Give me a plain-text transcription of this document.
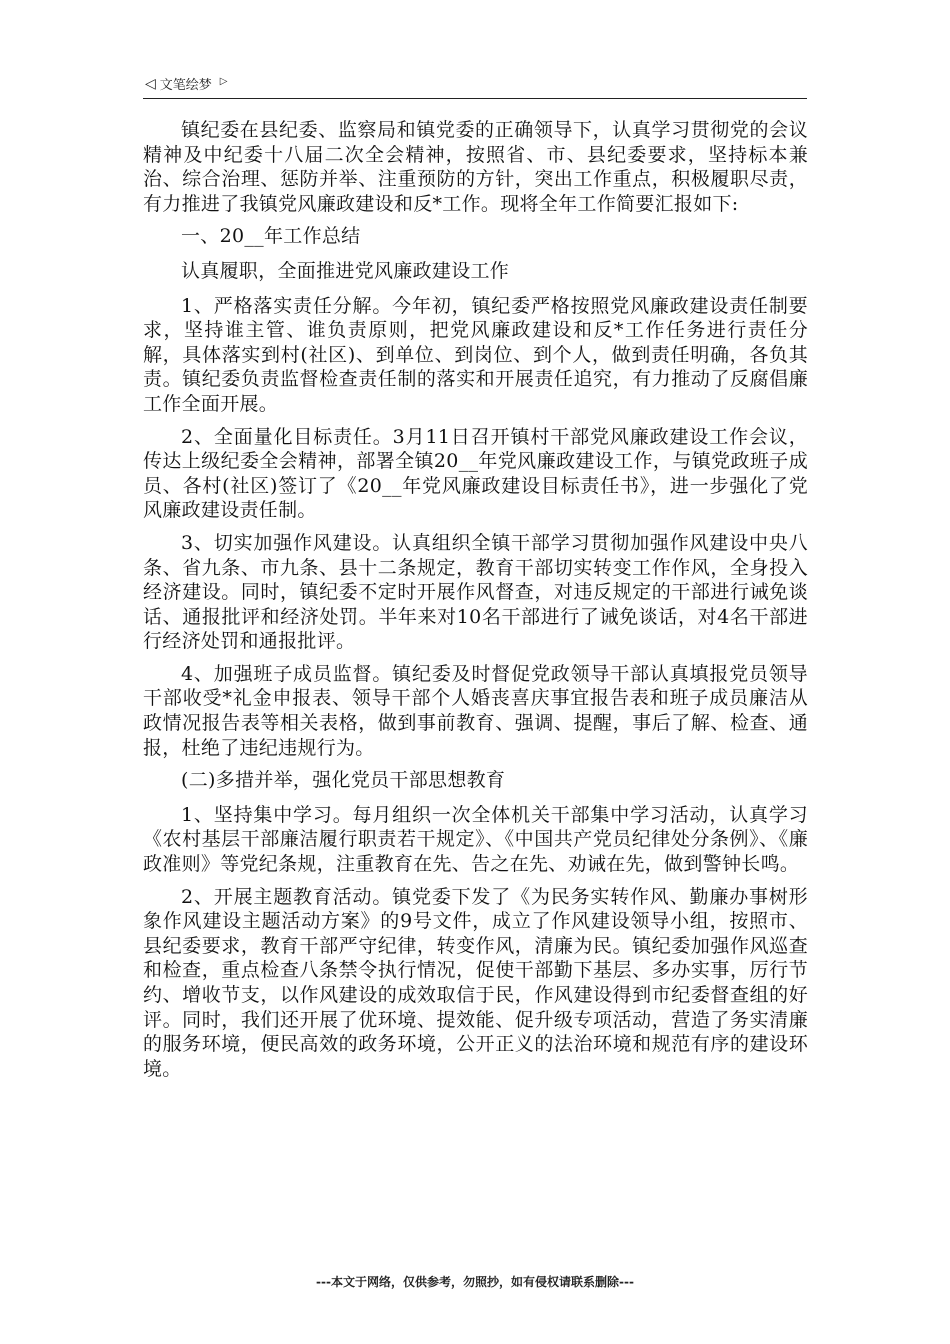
◁ 文笔绘梦 ▷

镇纪委在县纪委、监察局和镇党委的正确领导下，认真学习贯彻党的会议精神及中纪委十八届二次全会精神，按照省、市、县纪委要求，坚持标本兼治、综合治理、惩防并举、注重预防的方针，突出工作重点，积极履职尽责，有力推进了我镇党风廉政建设和反*工作。现将全年工作简要汇报如下:

一、20__年工作总结

认真履职，全面推进党风廉政建设工作

1、严格落实责任分解。今年初，镇纪委严格按照党风廉政建设责任制要求，坚持谁主管、谁负责原则，把党风廉政建设和反*工作任务进行责任分解，具体落实到村(社区)、到单位、到岗位、到个人，做到责任明确，各负其责。镇纪委负责监督检查责任制的落实和开展责任追究，有力推动了反腐倡廉工作全面开展。

2、全面量化目标责任。3月11日召开镇村干部党风廉政建设工作会议，传达上级纪委全会精神，部署全镇20__年党风廉政建设工作，与镇党政班子成员、各村(社区)签订了《20__年党风廉政建设目标责任书》，进一步强化了党风廉政建设责任制。

3、切实加强作风建设。认真组织全镇干部学习贯彻加强作风建设中央八条、省九条、市九条、县十二条规定，教育干部切实转变工作作风，全身投入经济建设。同时，镇纪委不定时开展作风督查，对违反规定的干部进行诫免谈话、通报批评和经济处罚。半年来对10名干部进行了诫免谈话，对4名干部进行经济处罚和通报批评。

4、加强班子成员监督。镇纪委及时督促党政领导干部认真填报党员领导干部收受*礼金申报表、领导干部个人婚丧喜庆事宜报告表和班子成员廉洁从政情况报告表等相关表格，做到事前教育、强调、提醒，事后了解、检查、通报，杜绝了违纪违规行为。

(二)多措并举，强化党员干部思想教育

1、坚持集中学习。每月组织一次全体机关干部集中学习活动，认真学习《农村基层干部廉洁履行职责若干规定》、《中国共产党员纪律处分条例》、《廉政准则》等党纪条规，注重教育在先、告之在先、劝诫在先，做到警钟长鸣。

2、开展主题教育活动。镇党委下发了《为民务实转作风、勤廉办事树形象作风建设主题活动方案》的9号文件，成立了作风建设领导小组，按照市、县纪委要求，教育干部严守纪律，转变作风，清廉为民。镇纪委加强作风巡查和检查，重点检查八条禁令执行情况，促使干部勤下基层、多办实事，厉行节约、增收节支，以作风建设的成效取信于民，作风建设得到市纪委督查组的好评。同时，我们还开展了优环境、提效能、促升级专项活动，营造了务实清廉的服务环境，便民高效的政务环境，公开正义的法治环境和规范有序的建设环境。

---本文于网络，仅供参考，勿照抄，如有侵权请联系删除---
